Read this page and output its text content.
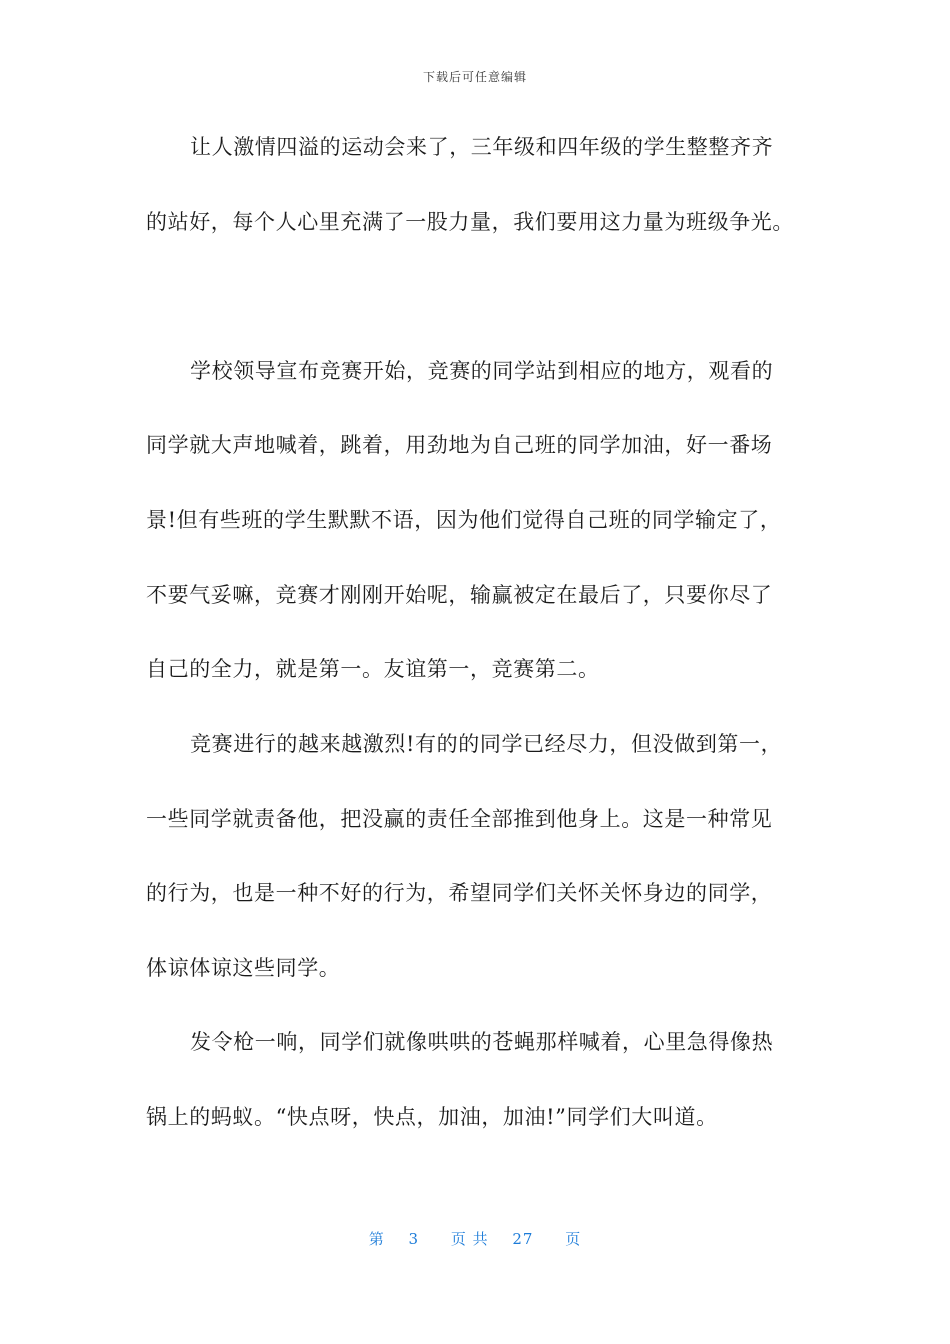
下载后可任意编辑
让人激情四溢的运动会来了，三年级和四年级的学生整整齐齐
的站好，每个人心里充满了一股力量，我们要用这力量为班级争光。
学校领导宣布竞赛开始，竞赛的同学站到相应的地方，观看的
同学就大声地喊着，跳着，用劲地为自己班的同学加油，好一番场
景!但有些班的学生默默不语，因为他们觉得自己班的同学输定了，
不要气妥嘛，竞赛才刚刚开始呢，输赢被定在最后了，只要你尽了
自己的全力，就是第一。友谊第一，竞赛第二。
竞赛进行的越来越激烈!有的的同学已经尽力，但没做到第一，
一些同学就责备他，把没赢的责任全部推到他身上。这是一种常见
的行为，也是一种不好的行为，希望同学们关怀关怀身边的同学，
体谅体谅这些同学。
发令枪一响，同学们就像哄哄的苍蝇那样喊着，心里急得像热
锅上的蚂蚁。“快点呀，快点，加油，加油!”同学们大叫道。
第 3 页 共 27 页
